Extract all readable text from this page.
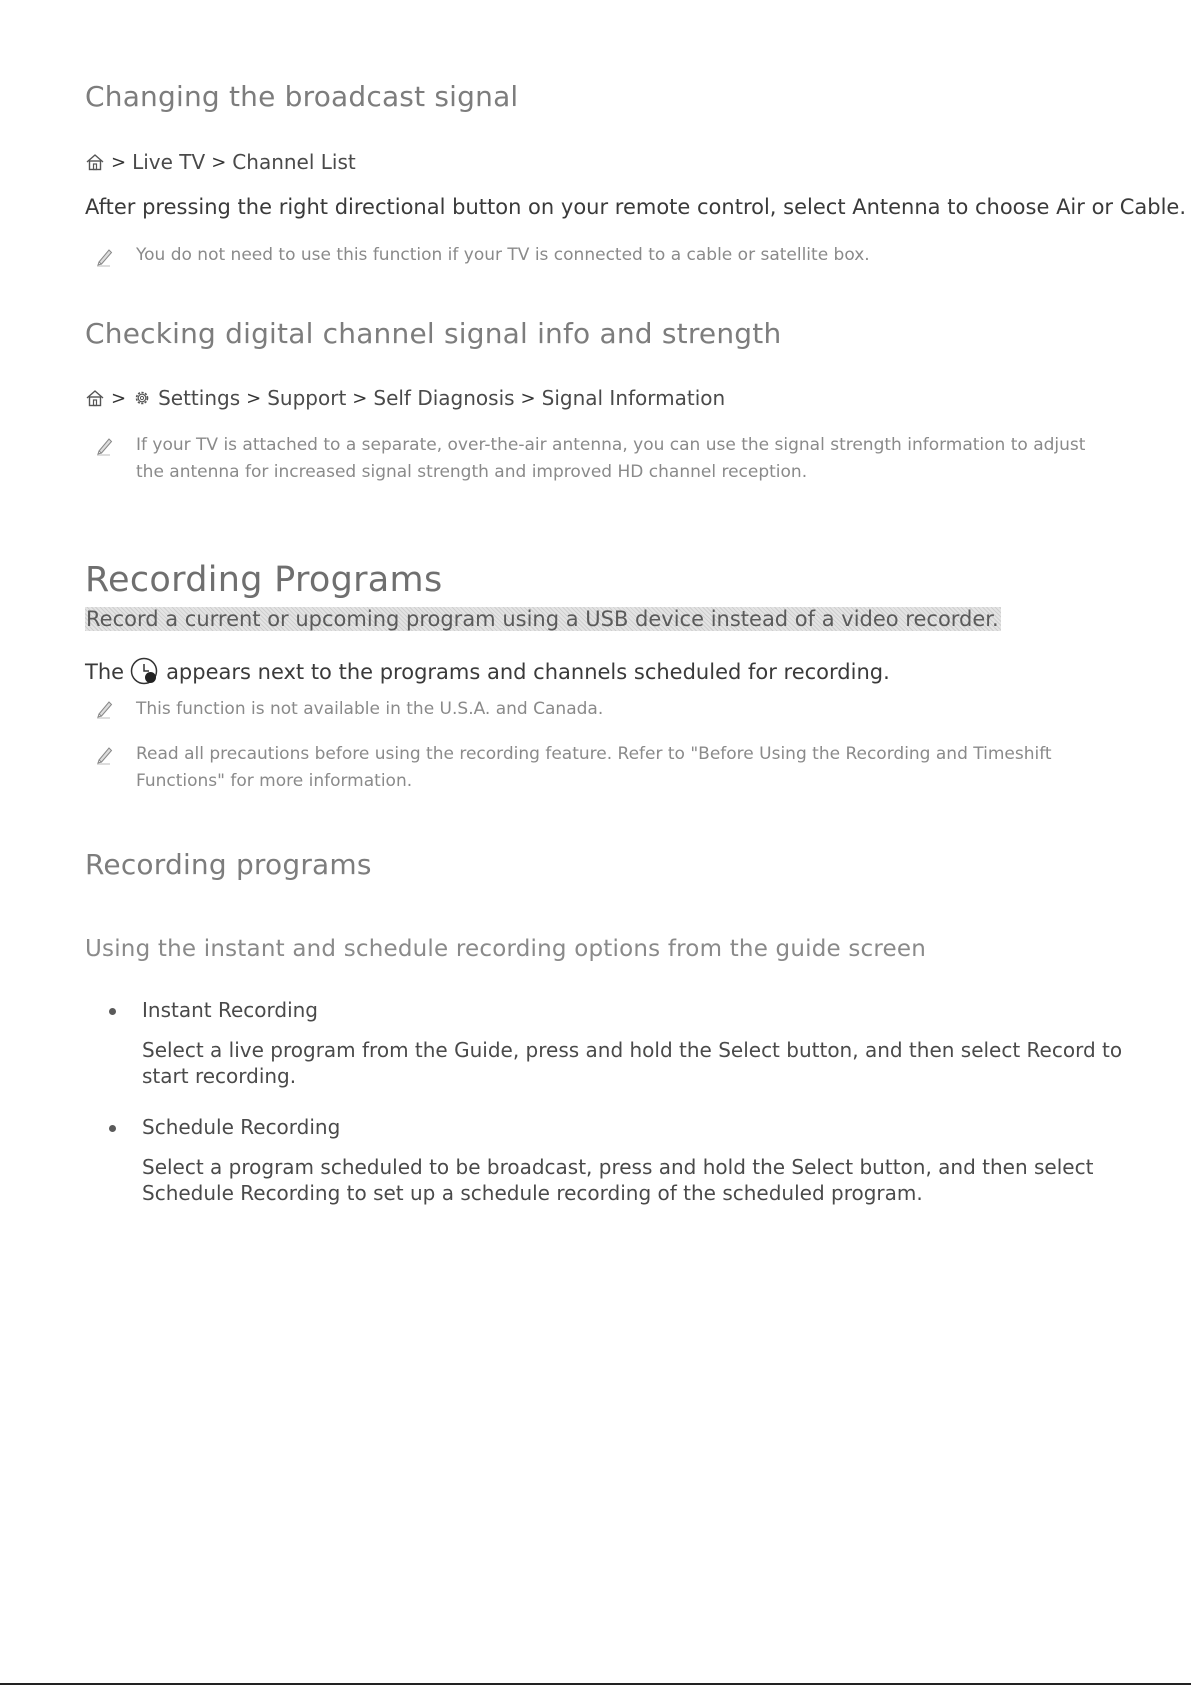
Changing the broadcast signal
> Live TV > Channel List
After pressing the right directional button on your remote control, select Antenna to choose Air or Cable.
You do not need to use this function if your TV is connected to a cable or satellite box.
Checking digital channel signal info and strength
> Settings > Support > Self Diagnosis > Signal Information
If your TV is attached to a separate, over-the-air antenna, you can use the signal strength information to adjust
the antenna for increased signal strength and improved HD channel reception.
Recording Programs
Record a current or upcoming program using a USB device instead of a video recorder.
The appears next to the programs and channels scheduled for recording.
This function is not available in the U.S.A. and Canada.
Read all precautions before using the recording feature. Refer to "Before Using the Recording and Timeshift
Functions" for more information.
Recording programs
Using the instant and schedule recording options from the guide screen
Instant Recording
Select a live program from the Guide, press and hold the Select button, and then select Record to
start recording.
Schedule Recording
Select a program scheduled to be broadcast, press and hold the Select button, and then select
Schedule Recording to set up a schedule recording of the scheduled program.
